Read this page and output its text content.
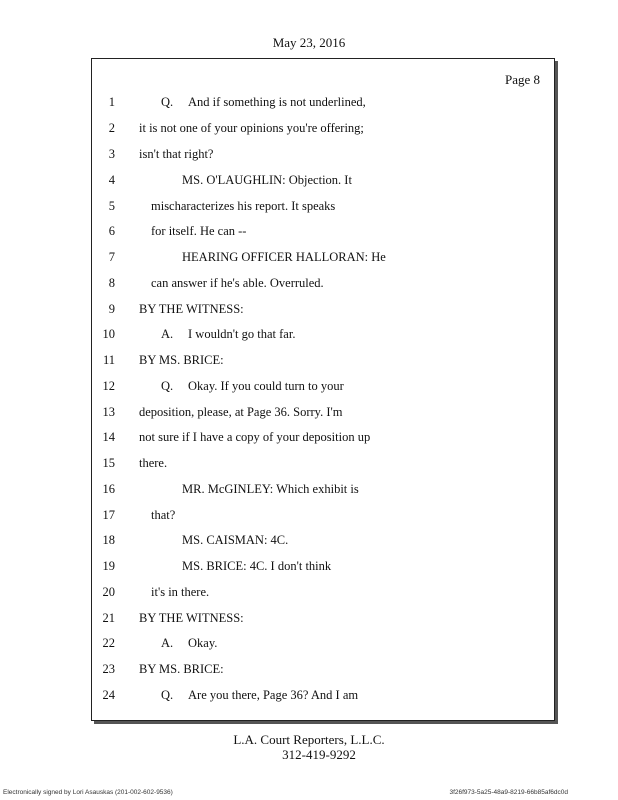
May 23, 2016
Page 8
1	Q. And if something is not underlined,
2 it is not one of your opinions you're offering;
3 isn't that right?
4	MS. O'LAUGHLIN: Objection. It
5	mischaracterizes his report. It speaks
6	for itself. He can --
7	HEARING OFFICER HALLORAN: He
8	can answer if he's able. Overruled.
9 BY THE WITNESS:
10	A. I wouldn't go that far.
11 BY MS. BRICE:
12	Q. Okay. If you could turn to your
13 deposition, please, at Page 36. Sorry. I'm
14 not sure if I have a copy of your deposition up
15 there.
16	MR. McGINLEY: Which exhibit is
17	that?
18	MS. CAISMAN: 4C.
19	MS. BRICE: 4C. I don't think
20	it's in there.
21 BY THE WITNESS:
22	A. Okay.
23 BY MS. BRICE:
24	Q. Are you there, Page 36? And I am
L.A. Court Reporters, L.L.C.
312-419-9292
Electronically signed by Lori Asauskas (201-002-602-9536)	3f26f973-5a25-48a9-8219-66b85af6dc0d
